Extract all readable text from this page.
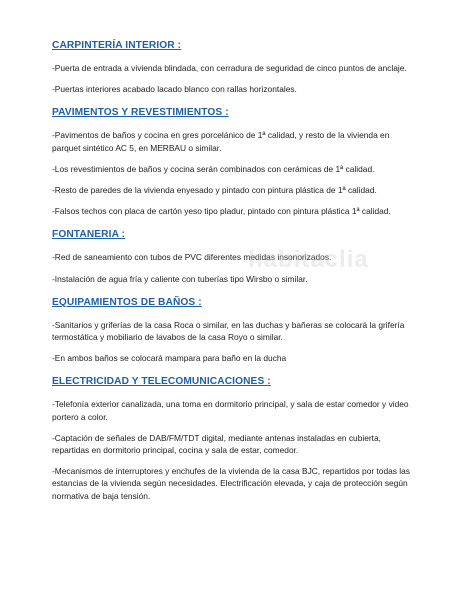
CARPINTERÍA INTERIOR :

-Puerta de entrada a vivienda blindada, con cerradura de seguridad de cinco puntos de anclaje.

-Puertas interiores acabado lacado blanco con rallas horizontales.

PAVIMENTOS Y REVESTIMIENTOS :

-Pavimentos de baños y cocina en gres porcelánico de 1ª calidad, y resto de la vivienda en parquet sintético AC 5, en MERBAU o similar.

-Los revestimientos de baños y cocina serán combinados con cerámicas de 1ª calidad.

-Resto de paredes de la vivienda enyesado y pintado con pintura plástica de 1ª calidad.

-Falsos techos con placa de cartón yeso tipo pladur, pintado con pintura plástica 1ª calidad.

FONTANERIA :

-Red de saneamiento con tubos de PVC diferentes medidas insonorizados.

-Instalación de agua fría y caliente con tuberías tipo Wirsbo o similar.

EQUIPAMIENTOS DE BAÑOS :

-Sanitarios y griferías de la casa Roca o similar, en las duchas y bañeras se colocará la grifería termostática y mobiliario de lavabos de la casa Royo o similar.

-En ambos baños se colocará mampara para baño en la ducha

ELECTRICIDAD Y TELECOMUNICACIONES :

-Telefonía exterior canalizada, una toma en dormitorio principal, y sala de estar comedor y video portero a color.

-Captación de señales de DAB/FM/TDT digital, mediante antenas instaladas en cubierta, repartidas en dormitorio principal, cocina y sala de estar, comedor.

-Mecanismos de interruptores y enchufes de la vivienda de la casa BJC, repartidos por todas las estancias de la vivienda según necesidades. Electrificación elevada, y caja de protección según normativa de baja tensión.

habitaclia
